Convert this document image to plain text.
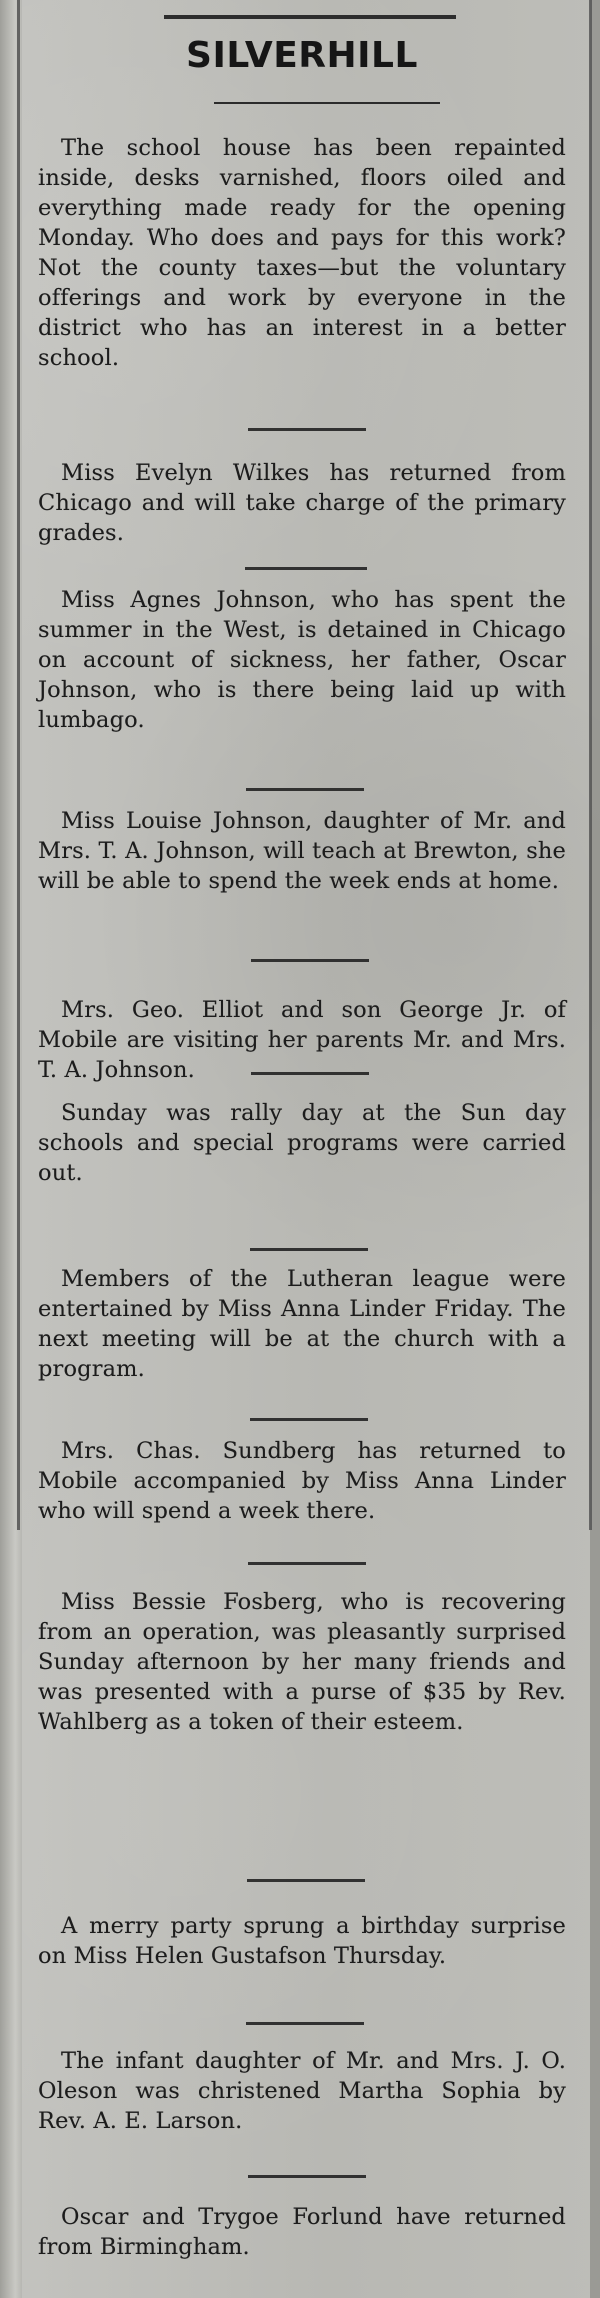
SILVERHILL

The school house has been repainted inside, desks varnished, floors oiled and everything made ready for the opening Monday. Who does and pays for this work? Not the county taxes—but the voluntary offerings and work by everyone in the district who has an interest in a better school.

Miss Evelyn Wilkes has returned from Chicago and will take charge of the primary grades.

Miss Agnes Johnson, who has spent the summer in the West, is detained in Chicago on account of sickness, her father, Oscar Johnson, who is there being laid up with lumbago.

Miss Louise Johnson, daughter of Mr. and Mrs. T. A. Johnson, will teach at Brewton, she will be able to spend the week ends at home.

Mrs. Geo. Elliot and son George Jr. of Mobile are visiting her parents Mr. and Mrs. T. A. Johnson.

Sunday was rally day at the Sun day schools and special programs were carried out.

Members of the Lutheran league were entertained by Miss Anna Linder Friday. The next meeting will be at the church with a program.

Mrs. Chas. Sundberg has returned to Mobile accompanied by Miss Anna Linder who will spend a week there.

Miss Bessie Fosberg, who is recovering from an operation, was pleasantly surprised Sunday afternoon by her many friends and was presented with a purse of $35 by Rev. Wahlberg as a token of their esteem.

A merry party sprung a birthday surprise on Miss Helen Gustafson Thursday.

The infant daughter of Mr. and Mrs. J. O. Oleson was christened Martha Sophia by Rev. A. E. Larson.

Oscar and Trygoe Forlund have returned from Birmingham.
